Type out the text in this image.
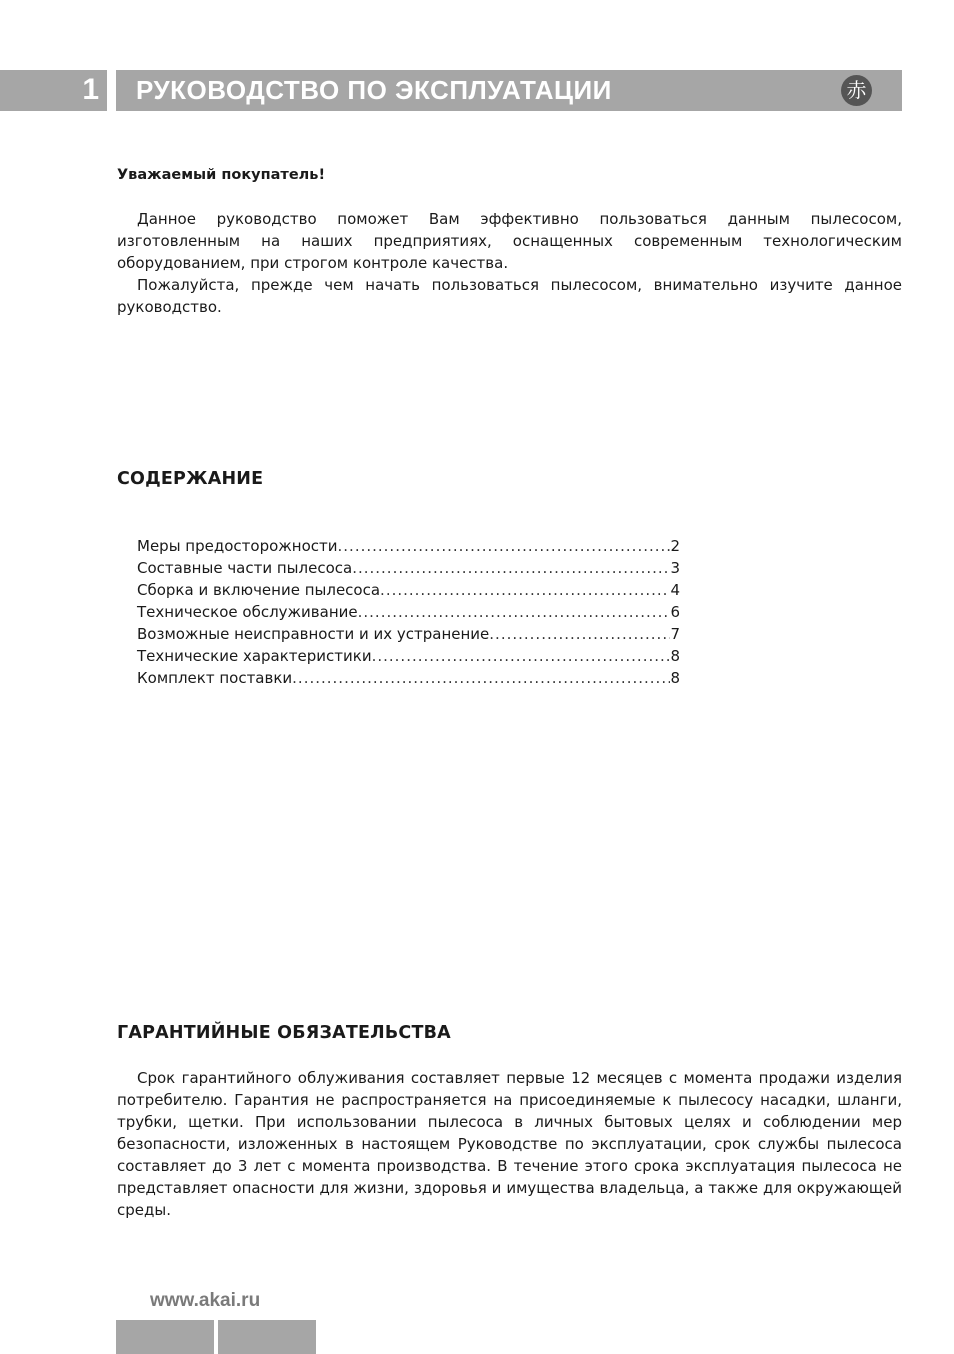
1 РУКОВОДСТВО ПО ЭКСПЛУАТАЦИИ	赤
Уважаемый покупатель!

Данное руководство поможет Вам эффективно пользоваться данным пылесосом, изготовленным на наших предприятиях, оснащенных современным технологическим оборудованием, при строгом контроле качества.

Пожалуйста, прежде чем начать пользоваться пылесосом, внимательно изучите данное руководство.

СОДЕРЖАНИЕ
Меры предосторожности .....	2
Составные части пылесоса .....	3
Сборка и включение пылесоса .....	4
Техническое обслуживание .....	6
Возможные неисправности и их устранение .....	7
Технические характеристики .....	8
Комплект поставки .....	8
ГАРАНТИЙНЫЕ ОБЯЗАТЕЛЬСТВА

Срок гарантийного облуживания составляет первые 12 месяцев с момента продажи изделия потребителю. Гарантия не распространяется на присоединяемые к пылесосу насадки, шланги, трубки, щетки. При использовании пылесоса в личных бытовых целях и соблюдении мер безопасности, изложенных в настоящем Руководстве по эксплуатации, срок службы пылесоса составляет до 3 лет с момента производства. В течение этого срока эксплуатация пылесоса не представляет опасности для жизни, здоровья и имущества владельца, а также для окружающей среды.

www.akai.ru
